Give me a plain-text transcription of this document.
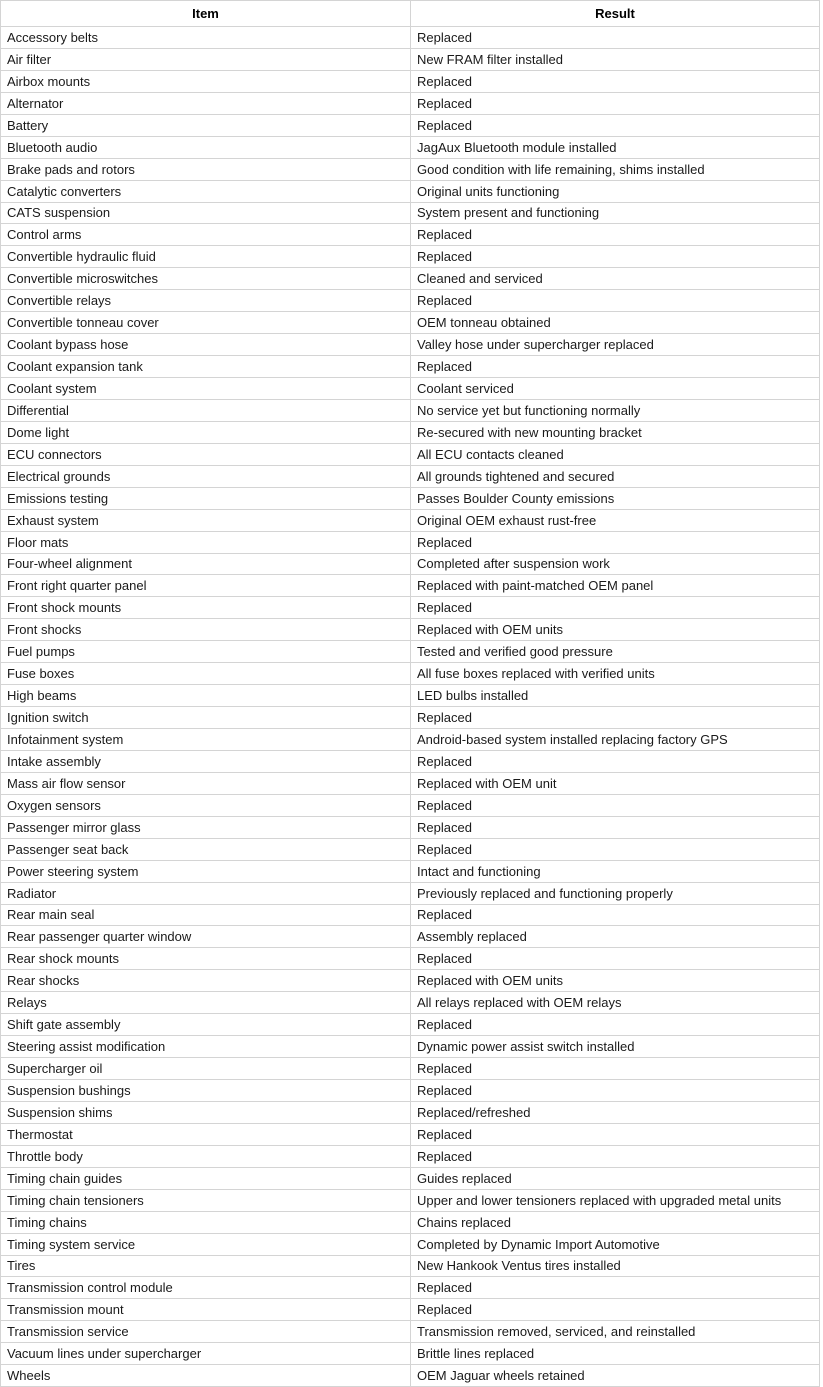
Item	Result
Accessory belts	Replaced
Air filter	New FRAM filter installed
Airbox mounts	Replaced
Alternator	Replaced
Battery	Replaced
Bluetooth audio	JagAux Bluetooth module installed
Brake pads and rotors	Good condition with life remaining, shims installed
Catalytic converters	Original units functioning
CATS suspension	System present and functioning
Control arms	Replaced
Convertible hydraulic fluid	Replaced
Convertible microswitches	Cleaned and serviced
Convertible relays	Replaced
Convertible tonneau cover	OEM tonneau obtained
Coolant bypass hose	Valley hose under supercharger replaced
Coolant expansion tank	Replaced
Coolant system	Coolant serviced
Differential	No service yet but functioning normally
Dome light	Re-secured with new mounting bracket
ECU connectors	All ECU contacts cleaned
Electrical grounds	All grounds tightened and secured
Emissions testing	Passes Boulder County emissions
Exhaust system	Original OEM exhaust rust-free
Floor mats	Replaced
Four-wheel alignment	Completed after suspension work
Front right quarter panel	Replaced with paint-matched OEM panel
Front shock mounts	Replaced
Front shocks	Replaced with OEM units
Fuel pumps	Tested and verified good pressure
Fuse boxes	All fuse boxes replaced with verified units
High beams	LED bulbs installed
Ignition switch	Replaced
Infotainment system	Android-based system installed replacing factory GPS
Intake assembly	Replaced
Mass air flow sensor	Replaced with OEM unit
Oxygen sensors	Replaced
Passenger mirror glass	Replaced
Passenger seat back	Replaced
Power steering system	Intact and functioning
Radiator	Previously replaced and functioning properly
Rear main seal	Replaced
Rear passenger quarter window	Assembly replaced
Rear shock mounts	Replaced
Rear shocks	Replaced with OEM units
Relays	All relays replaced with OEM relays
Shift gate assembly	Replaced
Steering assist modification	Dynamic power assist switch installed
Supercharger oil	Replaced
Suspension bushings	Replaced
Suspension shims	Replaced/refreshed
Thermostat	Replaced
Throttle body	Replaced
Timing chain guides	Guides replaced
Timing chain tensioners	Upper and lower tensioners replaced with upgraded metal units
Timing chains	Chains replaced
Timing system service	Completed by Dynamic Import Automotive
Tires	New Hankook Ventus tires installed
Transmission control module	Replaced
Transmission mount	Replaced
Transmission service	Transmission removed, serviced, and reinstalled
Vacuum lines under supercharger	Brittle lines replaced
Wheels	OEM Jaguar wheels retained
